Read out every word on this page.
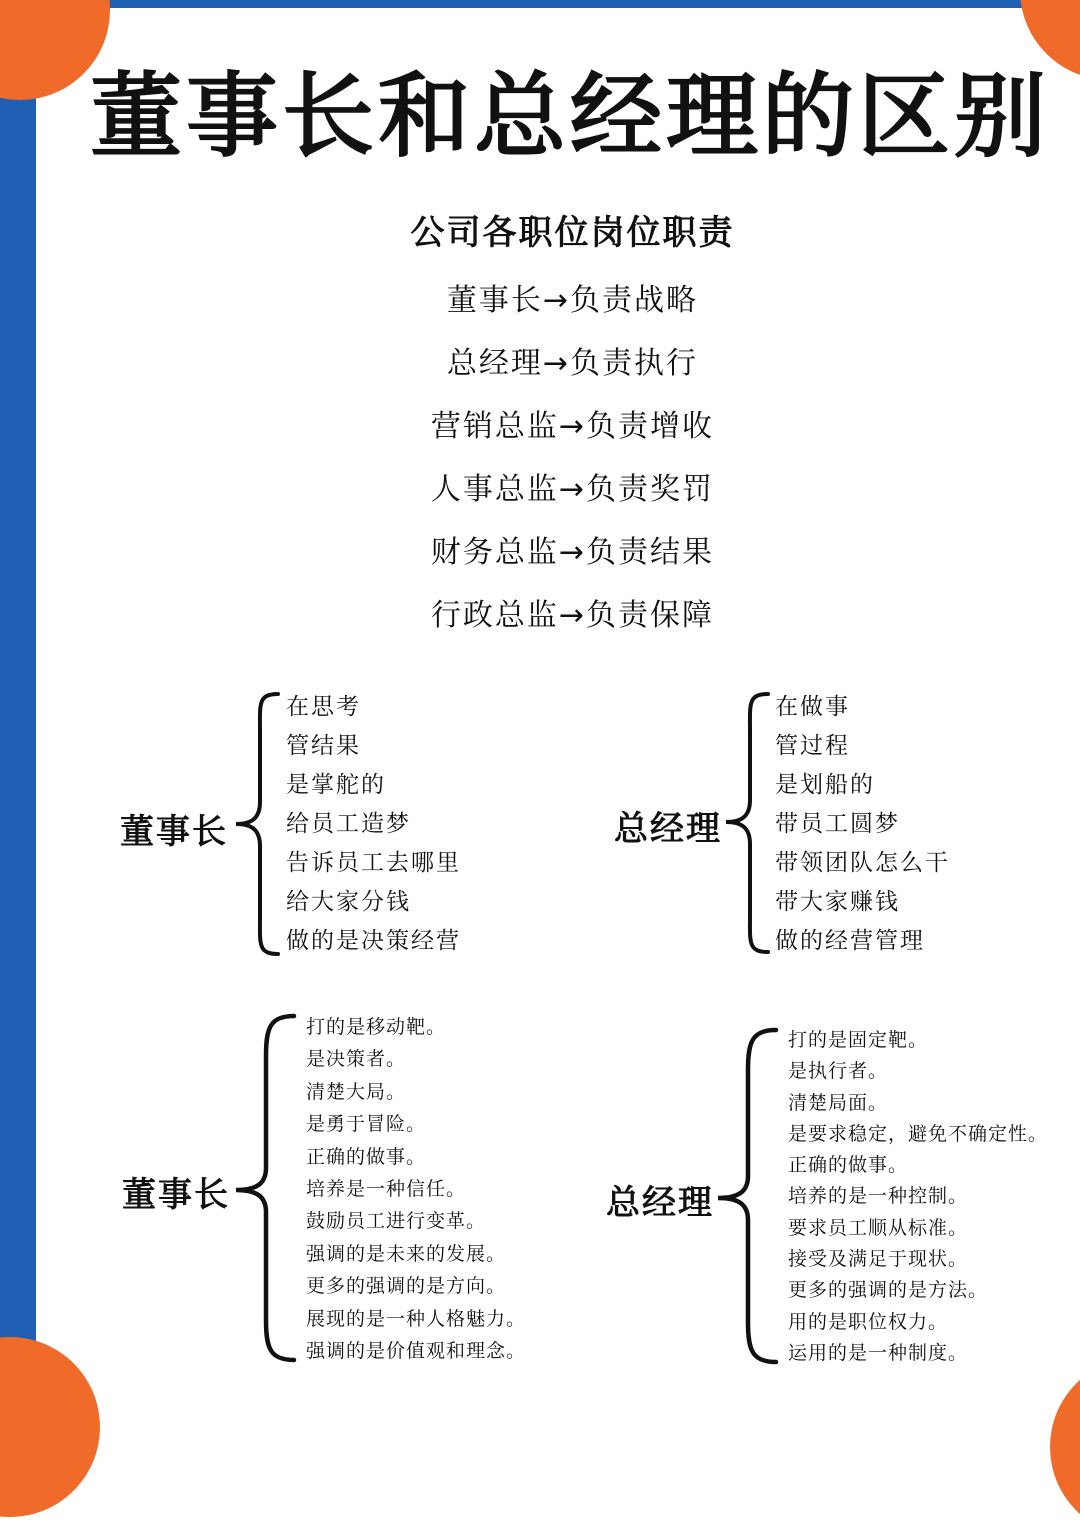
董事长和总经理的区别
公司各职位岗位职责
董事长→负责战略
总经理→负责执行
营销总监→负责增收
人事总监→负责奖罚
财务总监→负责结果
行政总监→负责保障
董事长
在思考
管结果
是掌舵的
给员工造梦
告诉员工去哪里
给大家分钱
做的是决策经营
总经理
在做事
管过程
是划船的
带员工圆梦
带领团队怎么干
带大家赚钱
做的经营管理
董事长
打的是移动靶。
是决策者。
清楚大局。
是勇于冒险。
正确的做事。
培养是一种信任。
鼓励员工进行变革。
强调的是未来的发展。
更多的强调的是方向。
展现的是一种人格魅力。
强调的是价值观和理念。
总经理
打的是固定靶。
是执行者。
清楚局面。
是要求稳定，避免不确定性。
正确的做事。
培养的是一种控制。
要求员工顺从标准。
接受及满足于现状。
更多的强调的是方法。
用的是职位权力。
运用的是一种制度。
